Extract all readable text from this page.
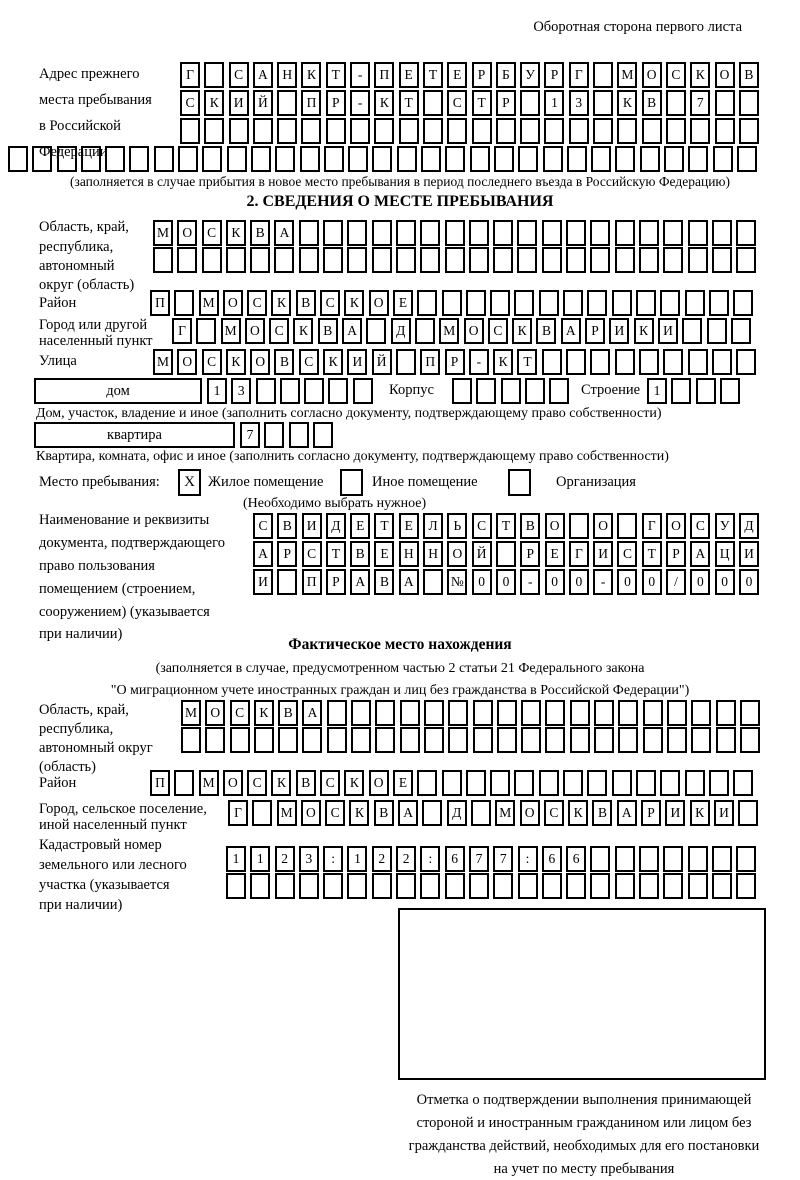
Оборотная сторона первого листа
Адрес прежнего
места пребывания
в Российской
Федерации
Г	С	А	Н	К	Т	-	П	Е	Т	Е	Р	Б	У	Р	Г	М О	С	К	О	В
С	К	И	Й	П	Р	-	К	Т	С	Т	Р	1	3	К	В	7
(заполняется в случае прибытия в новое место пребывания в период последнего въезда в Российскую Федерацию)
2. СВЕДЕНИЯ О МЕСТЕ ПРЕБЫВАНИЯ
Область, край,
республика,
автономный
округ (область)
М О	С	К	В	А
Район	П	М О	С	К	В	С	К	О	Е
Город или другой
населенный пункт
Г	М О	С	К	В	А	Д	М О	С	К	В	А	Р	И	К	И
Улица	М О	С	К	О	В	С	К	И	Й	П	Р	-	К	Т
дом	1	3	Корпус	Строение	1
Дом, участок, владение и иное (заполнить согласно документу, подтверждающему право собственности)
квартира	7
Квартира, комната, офис и иное (заполнить согласно документу, подтверждающему право собственности)
Место пребывания:	X Жилое помещение	Иное помещение	Организация
(Необходимо выбрать нужное)
Наименование и реквизиты
документа, подтверждающего
право пользования
помещением (строением,
сооружением) (указывается
при наличии)
С	В	И	Д	Е	Т	Е	Л	Ь	С	Т	В	О	О	Г	О	С	У	Д
А	Р	С	Т	В	Е	Н	Н	О	Й	Р	Е	Г	И	С	Т	Р	А	Ц	И
И	П	Р	А	В	А	№	0	0	-	0	0	-	0	0	/	0	0	0
Фактическое место нахождения
(заполняется в случае, предусмотренном частью 2 статьи 21 Федерального закона
"О миграционном учете иностранных граждан и лиц без гражданства в Российской Федерации")
Область, край,
республика,
автономный округ
(область)
М О	С	К	В	А
Район	П	М О	С	К	В	С	К	О	Е
Город, сельское поселение,
иной населенный пункт
Г	М О	С	К	В	А	Д	М О	С	К	В	А	Р	И	К	И
Кадастровый номер
земельного или лесного
участка (указывается
при наличии)
1	1	2	3	:	1	2	2	:	6	7	7	:	6	6
Отметка о подтверждении выполнения принимающей
стороной и иностранным гражданином или лицом без
гражданства действий, необходимых для его постановки
на учет по месту пребывания
